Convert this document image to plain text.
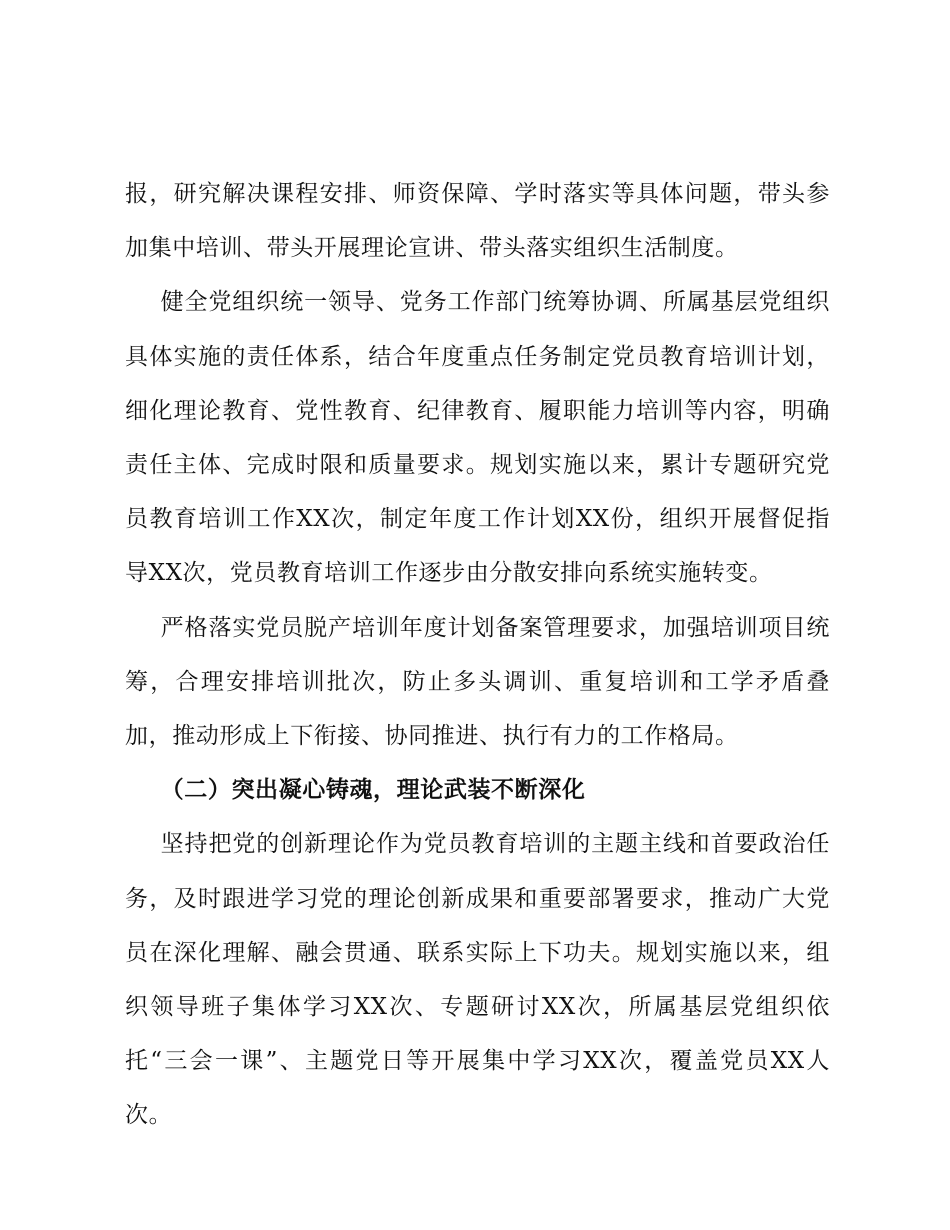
报，研究解决课程安排、师资保障、学时落实等具体问题，带头参加集中培训、带头开展理论宣讲、带头落实组织生活制度。

健全党组织统一领导、党务工作部门统筹协调、所属基层党组织具体实施的责任体系，结合年度重点任务制定党员教育培训计划，细化理论教育、党性教育、纪律教育、履职能力培训等内容，明确责任主体、完成时限和质量要求。规划实施以来，累计专题研究党员教育培训工作XX次，制定年度工作计划XX份，组织开展督促指导XX次，党员教育培训工作逐步由分散安排向系统实施转变。

严格落实党员脱产培训年度计划备案管理要求，加强培训项目统筹，合理安排培训批次，防止多头调训、重复培训和工学矛盾叠加，推动形成上下衔接、协同推进、执行有力的工作格局。

（二）突出凝心铸魂，理论武装不断深化

坚持把党的创新理论作为党员教育培训的主题主线和首要政治任务，及时跟进学习党的理论创新成果和重要部署要求，推动广大党员在深化理解、融会贯通、联系实际上下功夫。规划实施以来，组织领导班子集体学习XX次、专题研讨XX次，所属基层党组织依托“三会一课”、主题党日等开展集中学习XX次，覆盖党员XX人次。
